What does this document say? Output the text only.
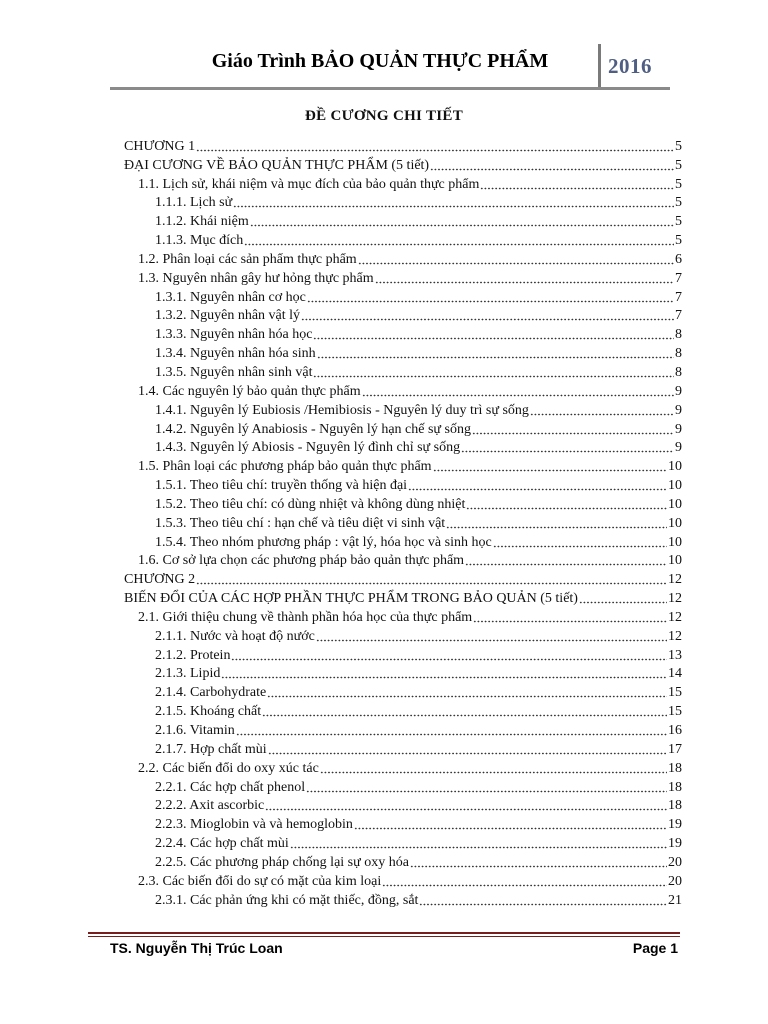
Giáo Trình BẢO QUẢN THỰC PHẨM	2016
ĐỀ CƯƠNG CHI TIẾT
CHƯƠNG 1	5
ĐẠI CƯƠNG VỀ BẢO QUẢN THỰC PHẨM (5 tiết)	5
1.1. Lịch sử, khái niệm và mục đích của bảo quản thực phẩm	5
1.1.1. Lịch sử	5
1.1.2. Khái niệm	5
1.1.3. Mục đích	5
1.2. Phân loại các sản phẩm thực phẩm	6
1.3. Nguyên nhân gây hư hỏng thực phẩm	7
1.3.1. Nguyên nhân cơ học	7
1.3.2. Nguyên nhân vật lý	7
1.3.3. Nguyên nhân hóa học	8
1.3.4. Nguyên nhân hóa sinh	8
1.3.5. Nguyên nhân sinh vật	8
1.4. Các nguyên lý bảo quản thực phẩm	9
1.4.1. Nguyên lý Eubiosis /Hemibiosis - Nguyên lý duy trì sự sống	9
1.4.2. Nguyên lý Anabiosis - Nguyên lý hạn chế sự sống	9
1.4.3. Nguyên lý Abiosis - Nguyên lý đình chỉ sự sống	9
1.5. Phân loại các phương pháp bảo quản thực phẩm	10
1.5.1. Theo tiêu chí: truyền thống và hiện đại	10
1.5.2. Theo tiêu chí: có dùng nhiệt và không dùng nhiệt	10
1.5.3. Theo tiêu chí : hạn chế và tiêu diệt vi sinh vật	10
1.5.4. Theo nhóm phương pháp : vật lý, hóa học và sinh học	10
1.6. Cơ sở lựa chọn các phương pháp bảo quản thực phẩm	10
CHƯƠNG 2	12
BIẾN ĐỔI CỦA CÁC HỢP PHẦN THỰC PHẨM TRONG BẢO QUẢN (5 tiết)	12
2.1. Giới thiệu chung về thành phần hóa học của thực phẩm	12
2.1.1. Nước và hoạt độ nước	12
2.1.2. Protein	13
2.1.3. Lipid	14
2.1.4. Carbohydrate	15
2.1.5. Khoáng chất	15
2.1.6. Vitamin	16
2.1.7. Hợp chất mùi	17
2.2. Các biến đổi do oxy xúc tác	18
2.2.1. Các hợp chất phenol	18
2.2.2. Axit ascorbic	18
2.2.3. Mioglobin và và hemoglobin	19
2.2.4. Các hợp chất mùi	19
2.2.5. Các phương pháp chống lại sự oxy hóa	20
2.3. Các biến đổi do sự có mặt của kim loại	20
2.3.1. Các phản ứng khi có mặt thiếc, đồng, sắt	21
TS. Nguyễn Thị Trúc Loan	Page 1
